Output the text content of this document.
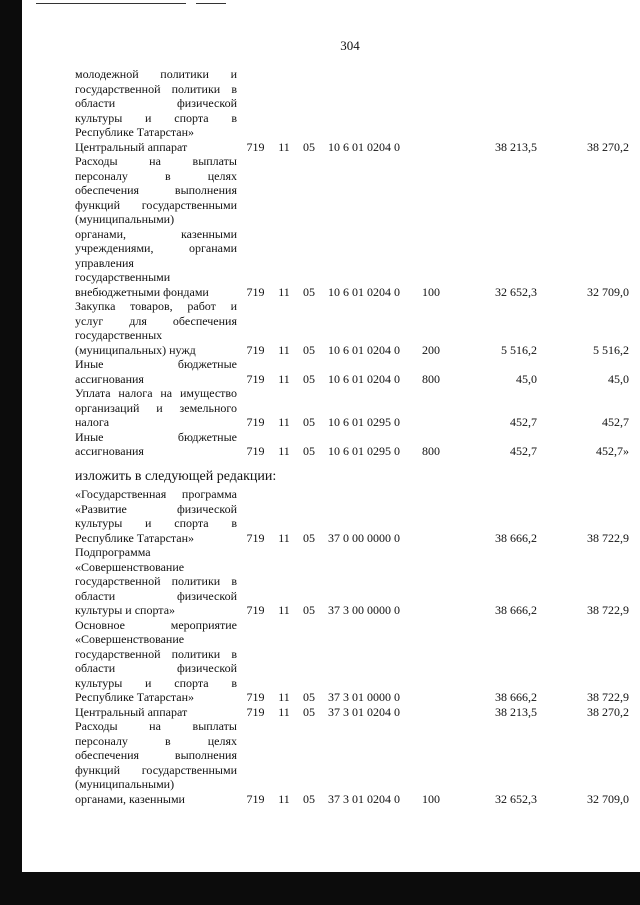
304
молодежной политики и
государственной политики в
области физической
культуры и спорта в
Республике Татарстан»
Центральный аппарат	719	11	05	10 6 01 0204 0	38 213,5	38 270,2
Расходы на выплаты
персоналу в целях
обеспечения выполнения
функций государственными
(муниципальными)
органами, казенными
учреждениями, органами
управления
государственными
внебюджетными фондами	719	11	05	10 6 01 0204 0	100	32 652,3	32 709,0
Закупка товаров, работ и
услуг для обеспечения
государственных
(муниципальных) нужд	719	11	05	10 6 01 0204 0	200	5 516,2	5 516,2
Иные бюджетные
ассигнования	719	11	05	10 6 01 0204 0	800	45,0	45,0
Уплата налога на имущество
организаций и земельного
налога	719	11	05	10 6 01 0295 0	452,7	452,7
Иные бюджетные
ассигнования	719	11	05	10 6 01 0295 0	800	452,7	452,7»
изложить в следующей редакции:
«Государственная программа
«Развитие физической
культуры и спорта в
Республике Татарстан»	719	11	05	37 0 00 0000 0	38 666,2	38 722,9
Подпрограмма
«Совершенствование
государственной политики в
области физической
культуры и спорта»	719	11	05	37 3 00 0000 0	38 666,2	38 722,9
Основное мероприятие
«Совершенствование
государственной политики в
области физической
культуры и спорта в
Республике Татарстан»	719	11	05	37 3 01 0000 0	38 666,2	38 722,9
Центральный аппарат	719	11	05	37 3 01 0204 0	38 213,5	38 270,2
Расходы на выплаты
персоналу в целях
обеспечения выполнения
функций государственными
(муниципальными)
органами, казенными	719	11	05	37 3 01 0204 0	100	32 652,3	32 709,0
